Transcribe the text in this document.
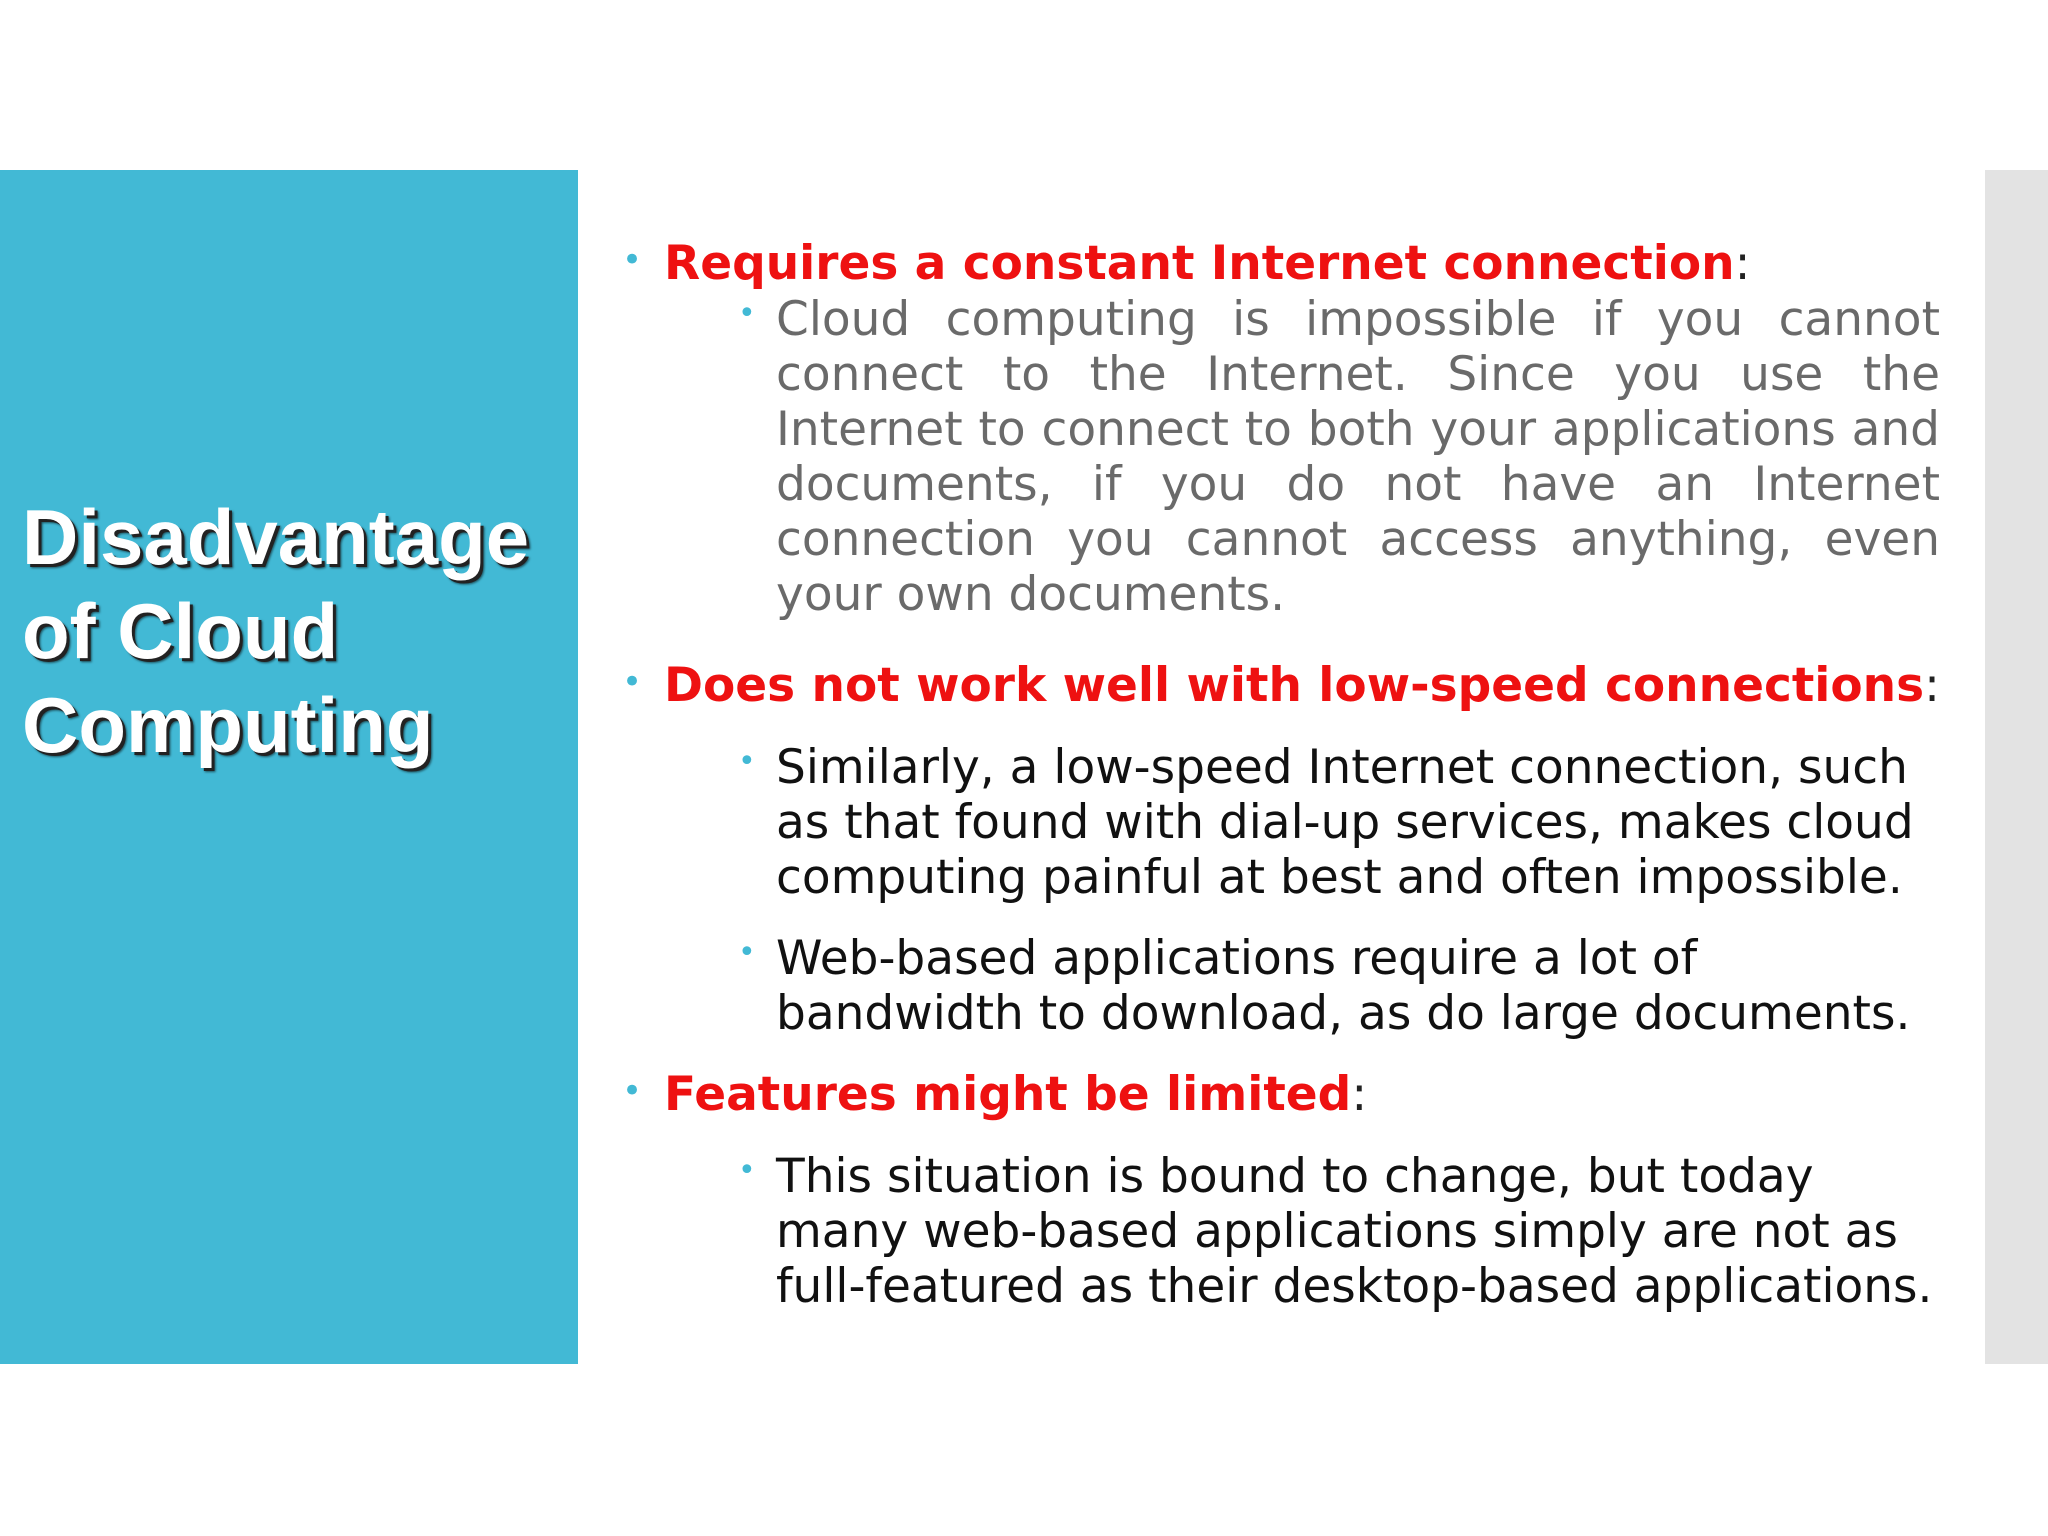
Disadvantage of Cloud Computing
• Requires a constant Internet connection:
• Cloud computing is impossible if you cannot connect to the Internet. Since you use the Internet to connect to both your applications and documents, if you do not have an Internet connection you cannot access anything, even your own documents.
• Does not work well with low-speed connections:
• Similarly, a low-speed Internet connection, such as that found with dial-up services, makes cloud computing painful at best and often impossible.
• Web-based applications require a lot of bandwidth to download, as do large documents.
• Features might be limited:
• This situation is bound to change, but today many web-based applications simply are not as full-featured as their desktop-based applications.
